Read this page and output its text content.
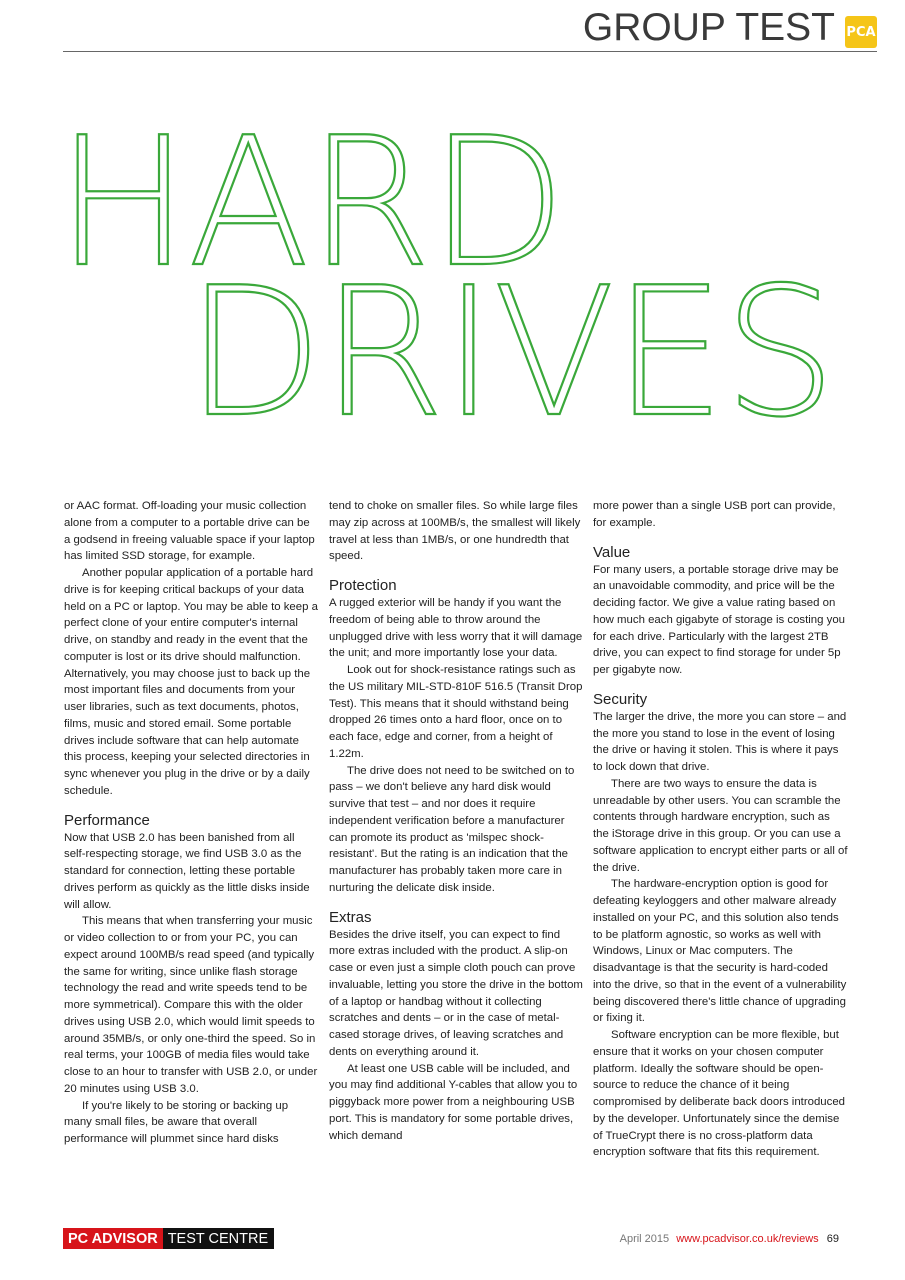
GROUP TEST PCA
HARD
DRIVES

or AAC format. Off-loading your music collection alone from a computer to a portable drive can be a godsend in freeing valuable space if your laptop has limited SSD storage, for example.

Another popular application of a portable hard drive is for keeping critical backups of your data held on a PC or laptop. You may be able to keep a perfect clone of your entire computer's internal drive, on standby and ready in the event that the computer is lost or its drive should malfunction. Alternatively, you may choose just to back up the most important files and documents from your user libraries, such as text documents, photos, films, music and stored email. Some portable drives include software that can help automate this process, keeping your selected directories in sync whenever you plug in the drive or by a daily schedule.

Performance

Now that USB 2.0 has been banished from all self-respecting storage, we find USB 3.0 as the standard for connection, letting these portable drives perform as quickly as the little disks inside will allow.

This means that when transferring your music or video collection to or from your PC, you can expect around 100MB/s read speed (and typically the same for writing, since unlike flash storage technology the read and write speeds tend to be more symmetrical). Compare this with the older drives using USB 2.0, which would limit speeds to around 35MB/s, or only one-third the speed. So in real terms, your 100GB of media files would take close to an hour to transfer with USB 2.0, or under 20 minutes using USB 3.0.

If you're likely to be storing or backing up many small files, be aware that overall performance will plummet since hard disks

tend to choke on smaller files. So while large files may zip across at 100MB/s, the smallest will likely travel at less than 1MB/s, or one hundredth that speed.

Protection

A rugged exterior will be handy if you want the freedom of being able to throw around the unplugged drive with less worry that it will damage the unit; and more importantly lose your data.

Look out for shock-resistance ratings such as the US military MIL-STD-810F 516.5 (Transit Drop Test). This means that it should withstand being dropped 26 times onto a hard floor, once on to each face, edge and corner, from a height of 1.22m.

The drive does not need to be switched on to pass – we don't believe any hard disk would survive that test – and nor does it require independent verification before a manufacturer can promote its product as 'milspec shock-resistant'. But the rating is an indication that the manufacturer has probably taken more care in nurturing the delicate disk inside.

Extras

Besides the drive itself, you can expect to find more extras included with the product. A slip-on case or even just a simple cloth pouch can prove invaluable, letting you store the drive in the bottom of a laptop or handbag without it collecting scratches and dents – or in the case of metal-cased storage drives, of leaving scratches and dents on everything around it.

At least one USB cable will be included, and you may find additional Y-cables that allow you to piggyback more power from a neighbouring USB port. This is mandatory for some portable drives, which demand

more power than a single USB port can provide, for example.

Value

For many users, a portable storage drive may be an unavoidable commodity, and price will be the deciding factor. We give a value rating based on how much each gigabyte of storage is costing you for each drive. Particularly with the largest 2TB drive, you can expect to find storage for under 5p per gigabyte now.

Security

The larger the drive, the more you can store – and the more you stand to lose in the event of losing the drive or having it stolen. This is where it pays to lock down that drive.

There are two ways to ensure the data is unreadable by other users. You can scramble the contents through hardware encryption, such as the iStorage drive in this group. Or you can use a software application to encrypt either parts or all of the drive.

The hardware-encryption option is good for defeating keyloggers and other malware already installed on your PC, and this solution also tends to be platform agnostic, so works as well with Windows, Linux or Mac computers. The disadvantage is that the security is hard-coded into the drive, so that in the event of a vulnerability being discovered there's little chance of upgrading or fixing it.

Software encryption can be more flexible, but ensure that it works on your chosen computer platform. Ideally the software should be open-source to reduce the chance of it being compromised by deliberate back doors introduced by the developer. Unfortunately since the demise of TrueCrypt there is no cross-platform data encryption software that fits this requirement.

PC ADVISOR TEST CENTRE	April 2015 www.pcadvisor.co.uk/reviews 69
